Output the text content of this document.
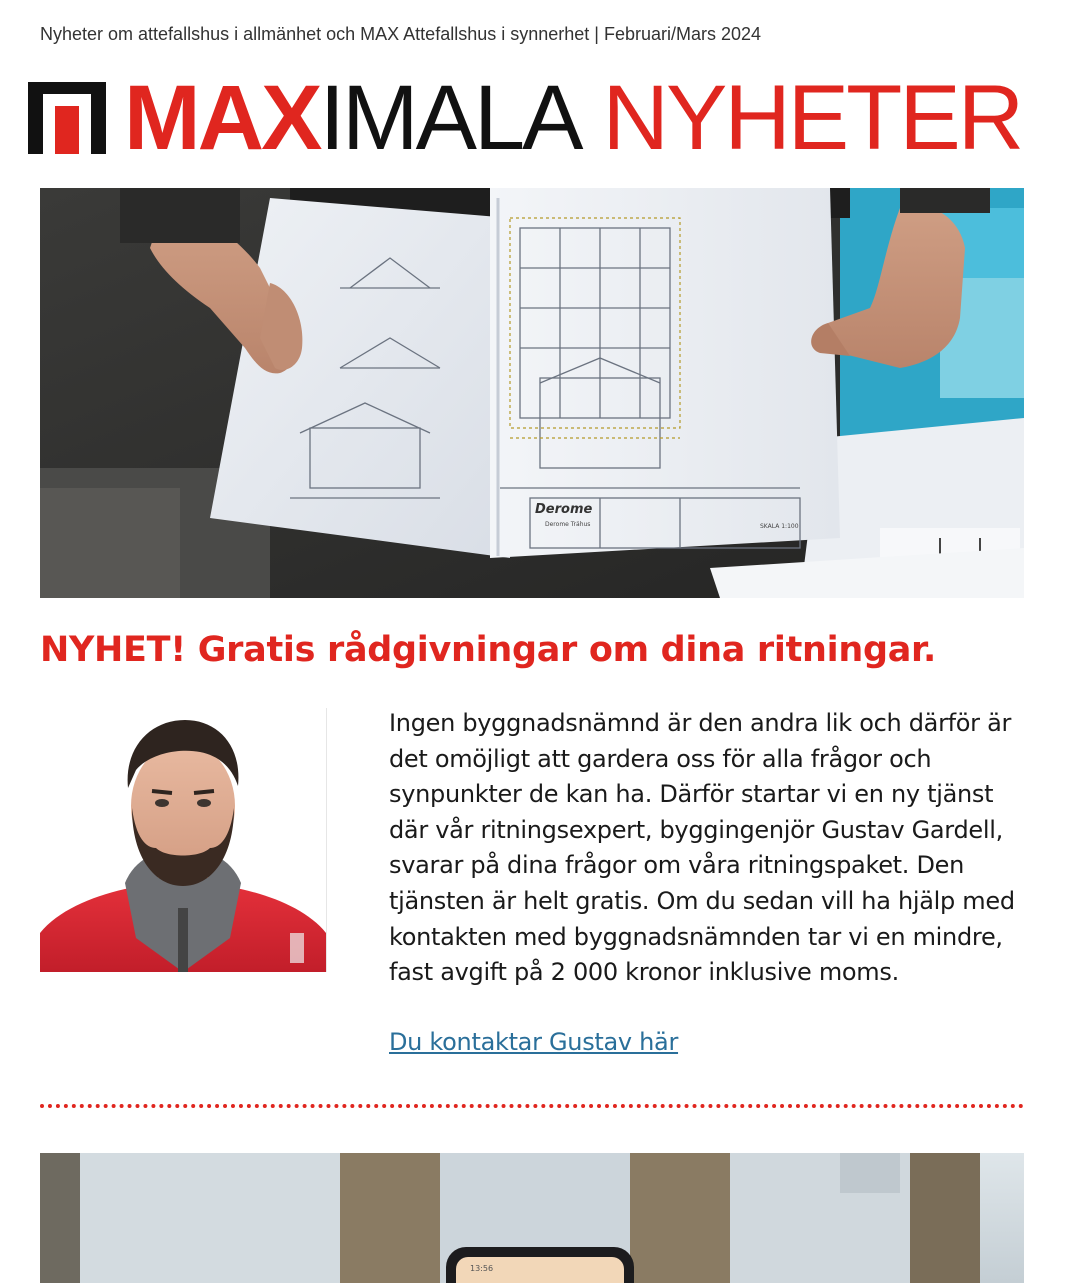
Nyheter om attefallshus i allmänhet och MAX Attefallshus i synnerhet | Februari/Mars 2024
MAXIMALA NYHETER
Derome
Derome Trähus	SKALA 1:100
NYHET! Gratis rådgivningar om dina ritningar.
Ingen byggnadsnämnd är den andra lik och därför är det omöjligt att gardera oss för alla frågor och synpunkter de kan ha. Därför startar vi en ny tjänst där vår ritningsexpert, byggingenjör Gustav Gardell, svarar på dina frågor om våra ritningspaket. Den tjänsten är helt gratis. Om du sedan vill ha hjälp med kontakten med byggnadsnämnden tar vi en mindre, fast avgift på 2 000 kronor inklusive moms.
Du kontaktar Gustav här
13:56
